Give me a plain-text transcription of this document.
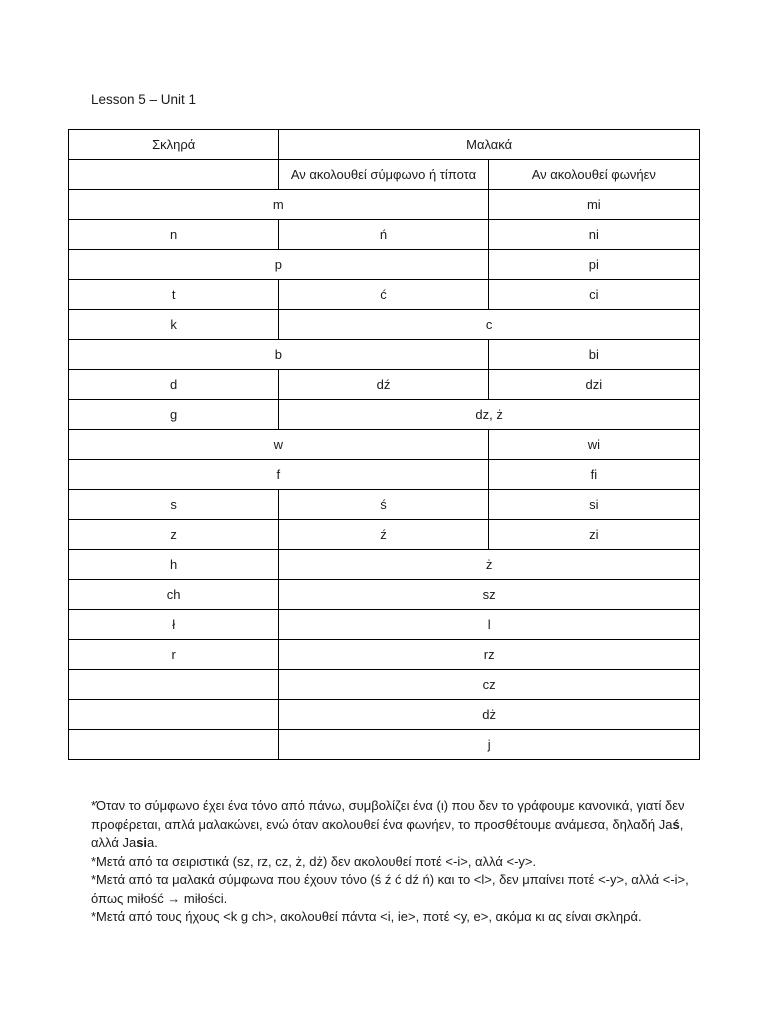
Lesson 5 – Unit 1
Σκληρά	Μαλακά	
	Αν ακολουθεί σύμφωνο ή τίποτα	Αν ακολουθεί φωνήεν
m		mi
n	ń	ni
p		pi
t	ć	ci
k	c	
b		bi
d	dź	dzi
g	dz, ż	
w		wi
f		fi
s	ś	si
z	ź	zi
h	ż	
ch	sz	
ł	l	
r	rz	
	cz	
	dż	
	j	

*Όταν το σύμφωνο έχει ένα τόνο από πάνω, συμβολίζει ένα (ι) που δεν το γράφουμε κανονικά, γιατί δεν προφέρεται, απλά μαλακώνει, ενώ όταν ακολουθεί ένα φωνήεν, το προσθέτουμε ανάμεσα, δηλαδή Jaś, αλλά Jasia.

*Μετά από τα σειριστικά (sz, rz, cz, ż, dż) δεν ακολουθεί ποτέ <-i>, αλλά <-y>.

*Μετά από τα μαλακά σύμφωνα που έχουν τόνο (ś ź ć dź ń) και το <l>, δεν μπαίνει ποτέ <-y>, αλλά <-i>, όπως miłość → miłości.

*Μετά από τους ήχους <k g ch>, ακολουθεί πάντα <i, ie>, ποτέ <y, e>, ακόμα κι ας είναι σκληρά.
